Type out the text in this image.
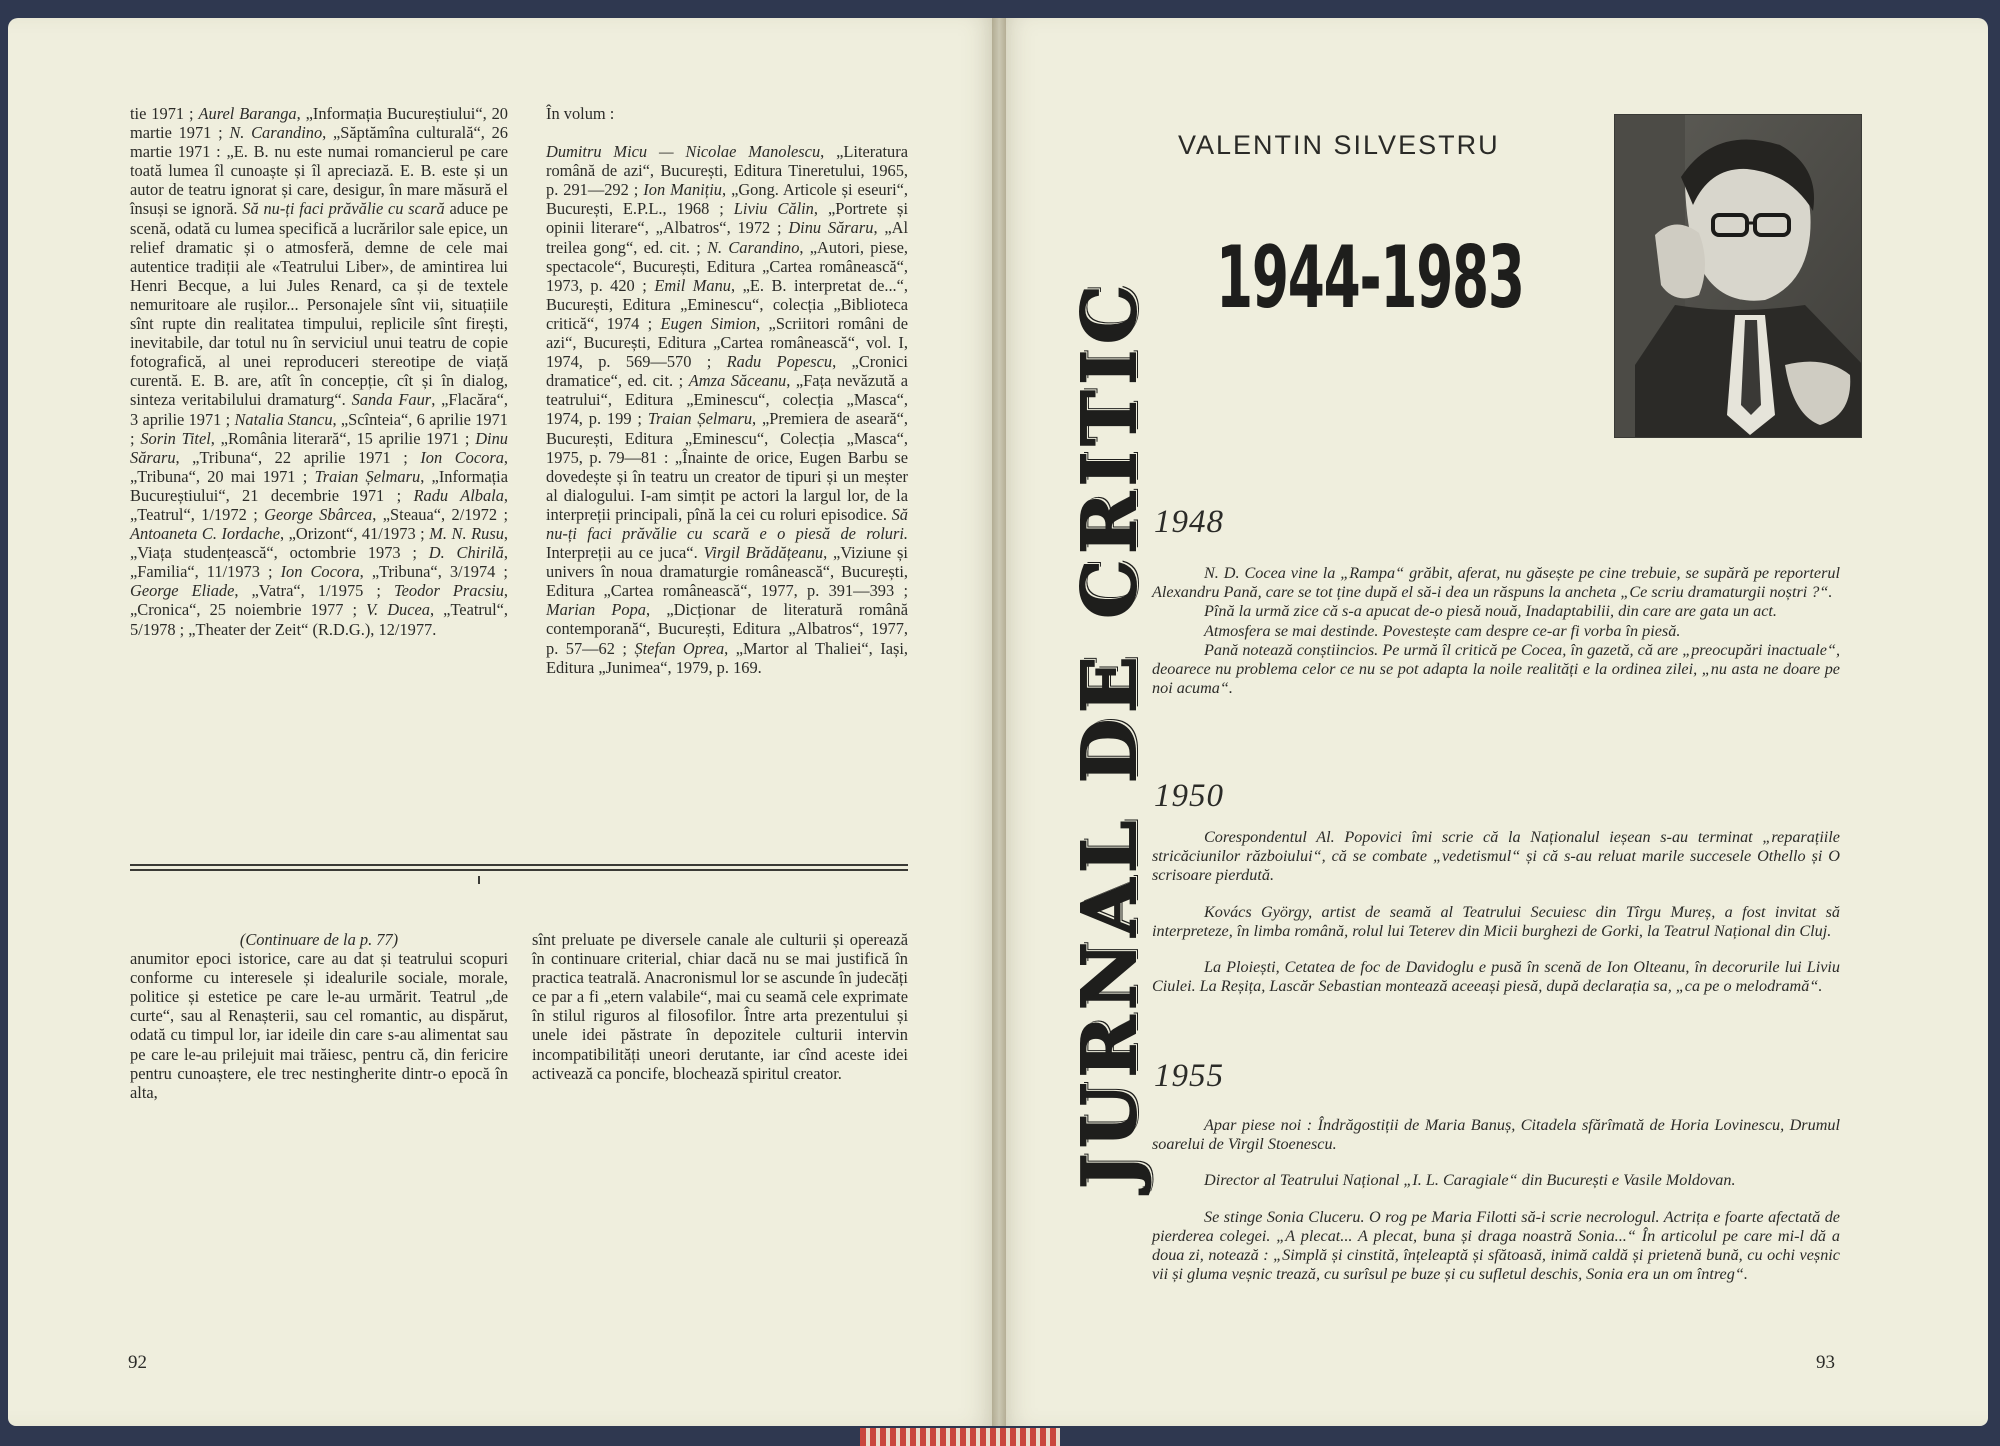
tie 1971 ; Aurel Baranga, „Informația Bucureștiului“, 20 martie 1971 ; N. Carandino, „Săptămîna culturală“, 26 martie 1971 : „E. B. nu este numai romancierul pe care toată lumea îl cunoaște și îl apreciază. E. B. este și un autor de teatru ignorat și care, desigur, în mare măsură el însuși se ignoră. Să nu-ți faci prăvălie cu scară aduce pe scenă, odată cu lumea specifică a lucrărilor sale epice, un relief dramatic și o atmosferă, demne de cele mai autentice tradiții ale «Teatrului Liber», de amintirea lui Henri Becque, a lui Jules Renard, ca și de textele nemuritoare ale rușilor... Personajele sînt vii, situațiile sînt rupte din realitatea timpului, replicile sînt firești, inevitabile, dar totul nu în serviciul unui teatru de copie fotografică, al unei reproduceri stereotipe de viață curentă. E. B. are, atît în concepție, cît și în dialog, sinteza veritabilului dramaturg“. Sanda Faur, „Flacăra“, 3 aprilie 1971 ; Natalia Stancu, „Scînteia“, 6 aprilie 1971 ; Sorin Titel, „România literară“, 15 aprilie 1971 ; Dinu Săraru, „Tribuna“, 22 aprilie 1971 ; Ion Cocora, „Tribuna“, 20 mai 1971 ; Traian Șelmaru, „Informația Bucureștiului“, 21 decembrie 1971 ; Radu Albala, „Teatrul“, 1/1972 ; George Sbârcea, „Steaua“, 2/1972 ; Antoaneta C. Iordache, „Orizont“, 41/1973 ; M. N. Rusu, „Viața studențească“, octombrie 1973 ; D. Chirilă, „Familia“, 11/1973 ; Ion Cocora, „Tribuna“, 3/1974 ; George Eliade, „Vatra“, 1/1975 ; Teodor Pracsiu, „Cronica“, 25 noiembrie 1977 ; V. Ducea, „Teatrul“, 5/1978 ; „Theater der Zeit“ (R.D.G.), 12/1977.

În volum :

Dumitru Micu — Nicolae Manolescu, „Literatura română de azi“, București, Editura Tineretului, 1965, p. 291—292 ; Ion Manițiu, „Gong. Articole și eseuri“, București, E.P.L., 1968 ; Liviu Călin, „Portrete și opinii literare“, „Albatros“, 1972 ; Dinu Săraru, „Al treilea gong“, ed. cit. ; N. Carandino, „Autori, piese, spectacole“, București, Editura „Cartea românească“, 1973, p. 420 ; Emil Manu, „E. B. interpretat de...“, București, Editura „Eminescu“, colecția „Biblioteca critică“, 1974 ; Eugen Simion, „Scriitori români de azi“, București, Editura „Cartea românească“, vol. I, 1974, p. 569—570 ; Radu Popescu, „Cronici dramatice“, ed. cit. ; Amza Săceanu, „Fața nevăzută a teatrului“, Editura „Eminescu“, colecția „Masca“, 1974, p. 199 ; Traian Șelmaru, „Premiera de aseară“, București, Editura „Eminescu“, Colecția „Masca“, 1975, p. 79—81 : „Înainte de orice, Eugen Barbu se dovedește și în teatru un creator de tipuri și un meșter al dialogului. I-am simțit pe actori la largul lor, de la interpreții principali, pînă la cei cu roluri episodice. Să nu-ți faci prăvălie cu scară e o piesă de roluri. Interpreții au ce juca“. Virgil Brădățeanu, „Viziune și univers în noua dramaturgie românească“, București, Editura „Cartea românească“, 1977, p. 391—393 ; Marian Popa, „Dicționar de literatură română contemporană“, București, Editura „Albatros“, 1977, p. 57—62 ; Ștefan Oprea, „Martor al Thaliei“, Iași, Editura „Junimea“, 1979, p. 169.

(Continuare de la p. 77)

anumitor epoci istorice, care au dat și teatrului scopuri conforme cu interesele și idealurile sociale, morale, politice și estetice pe care le-au urmărit. Teatrul „de curte“, sau al Renașterii, sau cel romantic, au dispărut, odată cu timpul lor, iar ideile din care s-au alimentat sau pe care le-au prilejuit mai trăiesc, pentru că, din fericire pentru cunoaștere, ele trec nestingherite dintr-o epocă în alta,

sînt preluate pe diversele canale ale culturii și operează în continuare criterial, chiar dacă nu se mai justifică în practica teatrală. Anacronismul lor se ascunde în judecăți ce par a fi „etern valabile“, mai cu seamă cele exprimate în stilul riguros al filosofilor. Între arta prezentului și unele idei păstrate în depozitele culturii intervin incompatibilități uneori derutante, iar cînd aceste idei activează ca poncife, blochează spiritul creator.

92
JURNAL DE CRITIC
VALENTIN SILVESTRU
1944-1983
1948

N. D. Cocea vine la „Rampa“ grăbit, aferat, nu găsește pe cine trebuie, se supără pe reporterul Alexandru Pană, care se tot ține după el să-i dea un răspuns la ancheta „Ce scriu dramaturgii noștri ?“.

Pînă la urmă zice că s-a apucat de-o piesă nouă, Inadaptabilii, din care are gata un act.

Atmosfera se mai destinde. Povestește cam despre ce-ar fi vorba în piesă.

Pană notează conștiincios. Pe urmă îl critică pe Cocea, în gazetă, că are „preocupări inactuale“, deoarece nu problema celor ce nu se pot adapta la noile realități e la ordinea zilei, „nu asta ne doare pe noi acuma“.

1950

Corespondentul Al. Popovici îmi scrie că la Naționalul ieșean s-au terminat „reparațiile stricăciunilor războiului“, că se combate „vedetismul“ și că s-au reluat marile succesele Othello și O scrisoare pierdută.

Kovács György, artist de seamă al Teatrului Secuiesc din Tîrgu Mureș, a fost invitat să interpreteze, în limba română, rolul lui Teterev din Micii burghezi de Gorki, la Teatrul Național din Cluj.

La Ploiești, Cetatea de foc de Davidoglu e pusă în scenă de Ion Olteanu, în decorurile lui Liviu Ciulei. La Reșița, Lascăr Sebastian montează aceeași piesă, după declarația sa, „ca pe o melodramă“.

1955

Apar piese noi : Îndrăgostiții de Maria Banuș, Citadela sfărîmată de Horia Lovinescu, Drumul soarelui de Virgil Stoenescu.

Director al Teatrului Național „I. L. Caragiale“ din București e Vasile Moldovan.

Se stinge Sonia Cluceru. O rog pe Maria Filotti să-i scrie necrologul. Actrița e foarte afectată de pierderea colegei. „A plecat... A plecat, buna și draga noastră Sonia...“ În articolul pe care mi-l dă a doua zi, notează : „Simplă și cinstită, înțeleaptă și sfătoasă, inimă caldă și prietenă bună, cu ochi veșnic vii și gluma veșnic trează, cu surîsul pe buze și cu sufletul deschis, Sonia era un om întreg“.

93
